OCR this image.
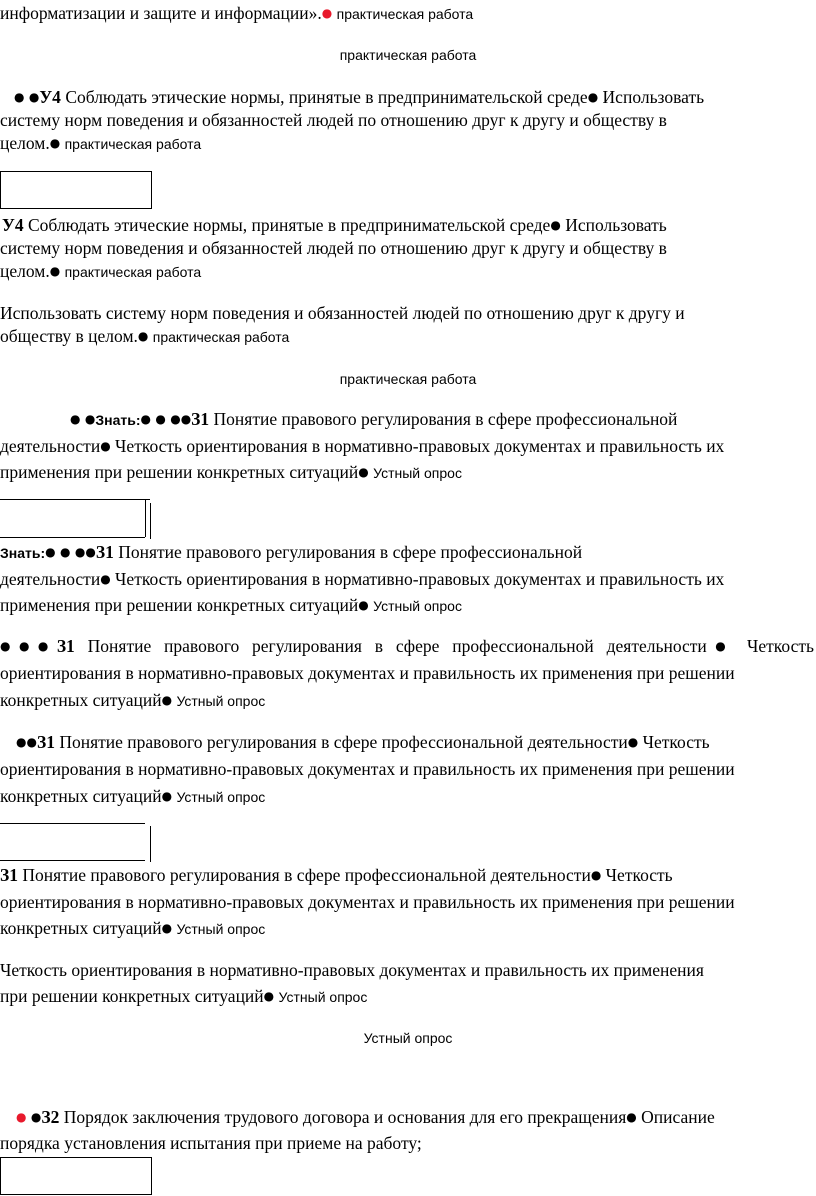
информатизации и защите и информации».● практическая работа
практическая работа
● ●У4 Соблюдать этические нормы, принятые в предпринимательской среде● Использовать
систему норм поведения и обязанностей людей по отношению друг к другу и обществу в
целом.● практическая работа
У4 Соблюдать этические нормы, принятые в предпринимательской среде● Использовать
систему норм поведения и обязанностей людей по отношению друг к другу и обществу в
целом.● практическая работа
Использовать систему норм поведения и обязанностей людей по отношению друг к другу и
обществу в целом.● практическая работа
практическая работа
● ●Знать:● ● ●●З1 Понятие правового регулирования в сфере профессиональной
деятельности● Четкость ориентирования в нормативно-правовых документах и правильность их
применения при решении конкретных ситуаций● Устный опрос
Знать:● ● ●●З1 Понятие правового регулирования в сфере профессиональной
деятельности● Четкость ориентирования в нормативно-правовых документах и правильность их
применения при решении конкретных ситуаций● Устный опрос
●●●З1 Понятие правового регулирования в сфере профессиональной деятельности● Четкость
ориентирования в нормативно-правовых документах и правильность их применения при решении
конкретных ситуаций● Устный опрос
●●З1 Понятие правового регулирования в сфере профессиональной деятельности● Четкость
ориентирования в нормативно-правовых документах и правильность их применения при решении
конкретных ситуаций● Устный опрос
З1 Понятие правового регулирования в сфере профессиональной деятельности● Четкость
ориентирования в нормативно-правовых документах и правильность их применения при решении
конкретных ситуаций● Устный опрос
Четкость ориентирования в нормативно-правовых документах и правильность их применения
при решении конкретных ситуаций● Устный опрос
Устный опрос
● ●З2 Порядок заключения трудового договора и основания для его прекращения● Описание
порядка установления испытания при приеме на работу;
